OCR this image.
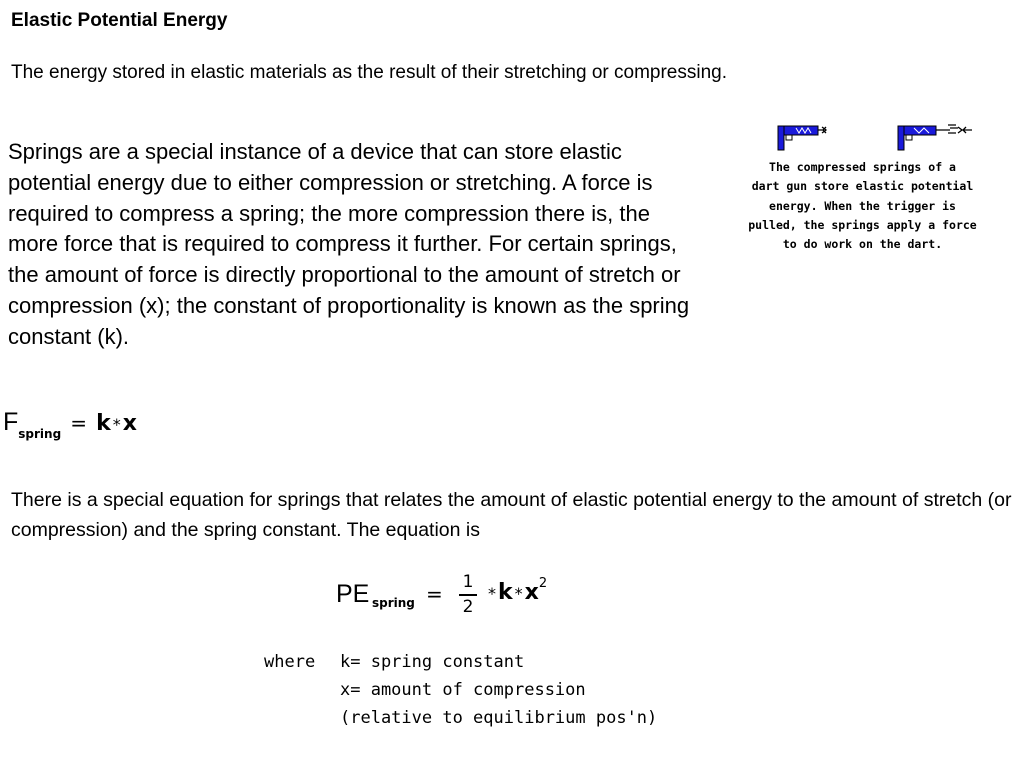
Elastic Potential Energy
The energy stored in elastic materials as the result of their stretching or compressing.
Springs are a special instance of a device that can store elastic potential energy due to either compression or stretching. A force is required to compress a spring; the more compression there is, the more force that is required to compress it further. For certain springs, the amount of force is directly proportional to the amount of stretch or compression (x); the constant of proportionality is known as the spring constant (k).
The compressed springs of a
dart gun store elastic potential
energy. When the trigger is
pulled, the springs apply a force
to do work on the dart.
$F_{spring} = k$ *x
There is a special equation for springs that relates the amount of elastic potential energy to the amount of stretch (or compression) and the spring constant. The equation is
PE spring = 1
2
*k $*x^2$
where k= spring constant
x= amount of compression
(relative to equilibrium pos'n)
